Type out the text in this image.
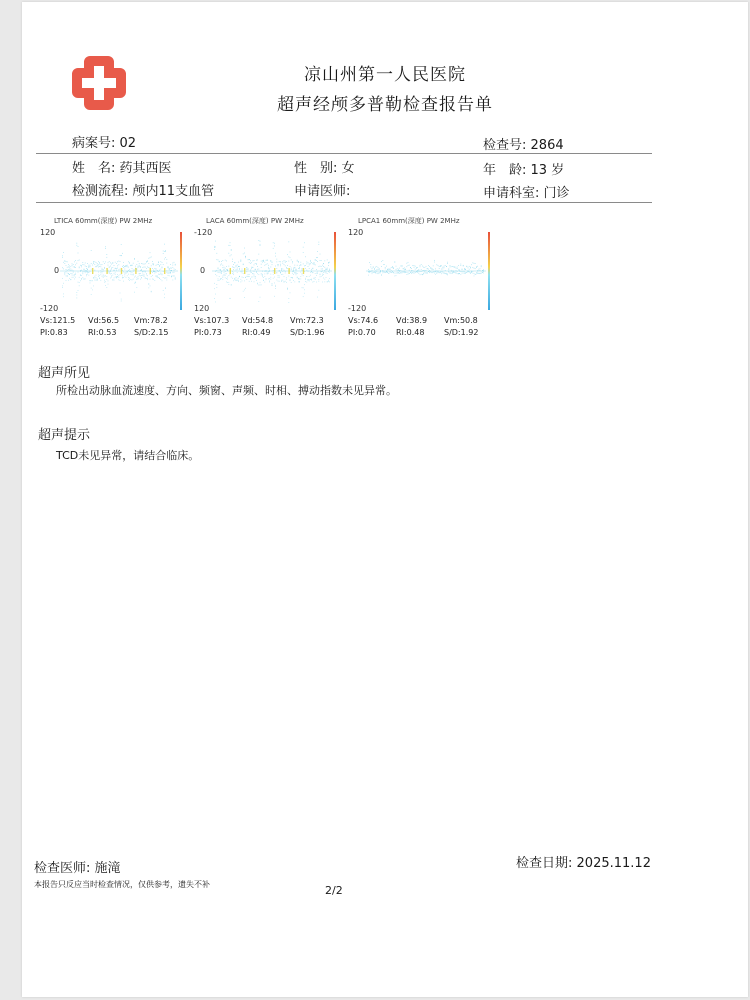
凉山州第一人民医院
超声经颅多普勒检查报告单
病案号: 02	检查号: 2864
姓　名: 药其西医	性　别: 女	年　龄: 13 岁
检测流程: 颅内11支血管	申请医师:	申请科室: 门诊
LTICA 60mm(深度) PW 2MHz
120
0
-120
LACA 60mm(深度) PW 2MHz
-120
0
120
LPCA1 60mm(深度) PW 2MHz
120
-120
Vs:121.5 Vd:56.5 Vm:78.2
PI:0.83	RI:0.53 S/D:2.15
Vs:107.3 Vd:54.8 Vm:72.3
PI:0.73	RI:0.49 S/D:1.96
Vs:74.6 Vd:38.9 Vm:50.8
PI:0.70	RI:0.48 S/D:1.92
超声所见
所检出动脉血流速度、方向、频窗、声频、时相、搏动指数未见异常。
超声提示
TCD未见异常，请结合临床。
检查医师: 施滝	检查日期: 2025.11.12
本报告只反应当时检查情况，仅供参考，遗失不补	2/2
